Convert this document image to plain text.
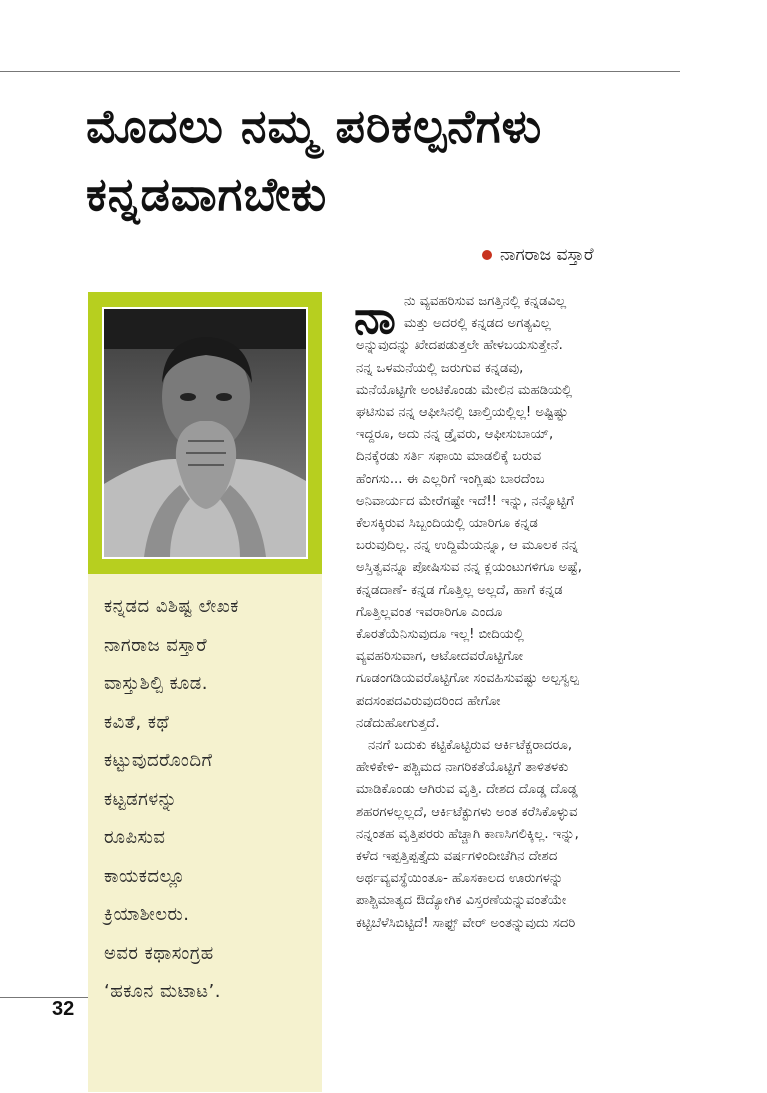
ಮೊದಲು ನಮ್ಮ ಪರಿಕಲ್ಪನೆಗಳು
ಕನ್ನಡವಾಗಬೇಕು
ನಾಗರಾಜ ವಸ್ತಾರೆ

ಕನ್ನಡದ ವಿಶಿಷ್ಟ ಲೇಖಕ
ನಾಗರಾಜ ವಸ್ತಾರೆ
ವಾಸ್ತುಶಿಲ್ಪಿ ಕೂಡ.
ಕವಿತೆ, ಕಥೆ
ಕಟ್ಟುವುದರೊಂದಿಗೆ
ಕಟ್ಟಡಗಳನ್ನು
ರೂಪಿಸುವ
ಕಾಯಕದಲ್ಲೂ
ಕ್ರಿಯಾಶೀಲರು.
ಅವರ ಕಥಾಸಂಗ್ರಹ
‘ಹಕೂನ ಮಟಾಟ’.

ನಾ ನು ವ್ಯವಹರಿಸುವ ಜಗತ್ತಿನಲ್ಲಿ ಕನ್ನಡವಿಲ್ಲ
ಮತ್ತು ಅದರಲ್ಲಿ ಕನ್ನಡದ ಅಗತ್ಯವಿಲ್ಲ
ಅನ್ನುವುದನ್ನು ಖೇದಪಡುತ್ತಲೇ ಹೇಳಬಯಸುತ್ತೇನೆ.
ನನ್ನ ಒಳಮನೆಯಲ್ಲಿ ಜರುಗುವ ಕನ್ನಡವು,
ಮನೆಯೊಟ್ಟಿಗೇ ಅಂಟಿಕೊಂಡು ಮೇಲಿನ ಮಹಡಿಯಲ್ಲಿ
ಘಟಿಸುವ ನನ್ನ ಆಫೀಸಿನಲ್ಲಿ ಚಾಲ್ತಿಯಲ್ಲಿಲ್ಲ! ಅಷ್ಟಿಷ್ಟು
ಇದ್ದರೂ, ಅದು ನನ್ನ ಡ್ರೈವರು, ಆಫೀಸುಬಾಯ್,
ದಿನಕ್ಕೆರಡು ಸರ್ತಿ ಸಫಾಯಿ ಮಾಡಲಿಕ್ಕೆ ಬರುವ
ಹೆಂಗಸು... ಈ ಎಲ್ಲರಿಗೆ ಇಂಗ್ಲಿಷು ಬಾರದೆಂಬ
ಅನಿವಾರ್ಯದ ಮೇರೆಗಷ್ಟೇ ಇದೆ!! ಇನ್ನು, ನನ್ನೊಟ್ಟಿಗೆ
ಕೆಲಸಕ್ಕಿರುವ ಸಿಬ್ಬಂದಿಯಲ್ಲಿ ಯಾರಿಗೂ ಕನ್ನಡ
ಬರುವುದಿಲ್ಲ. ನನ್ನ ಉದ್ದಿಮೆಯನ್ನೂ, ಆ ಮೂಲಕ ನನ್ನ
ಅಸ್ತಿತ್ವವನ್ನೂ ಪೋಷಿಸುವ ನನ್ನ ಕ್ಲಯಂಟುಗಳಿಗೂ ಅಷ್ಟೆ,
ಕನ್ನಡದಾಣೆ- ಕನ್ನಡ ಗೊತ್ತಿಲ್ಲ ಅಲ್ಲದೆ, ಹಾಗೆ ಕನ್ನಡ
ಗೊತ್ತಿಲ್ಲವಂತ ಇವರಾರಿಗೂ ಎಂದೂ
ಕೊರತೆಯೆನಿಸುವುದೂ ಇಲ್ಲ! ಬೀದಿಯಲ್ಲಿ
ವ್ಯವಹರಿಸುವಾಗ, ಆಟೋದವರೊಟ್ಟಿಗೋ
ಗೂಡಂಗಡಿಯವರೊಟ್ಟಿಗೋ ಸಂವಹಿಸುವಷ್ಟು ಅಲ್ಪಸ್ವಲ್ಪ
ಪದಸಂಪದವಿರುವುದರಿಂದ ಹೇಗೋ
ನಡೆದುಹೋಗುತ್ತದೆ.
ನನಗೆ ಬದುಕು ಕಟ್ಟಿಕೊಟ್ಟಿರುವ ಆರ್ಕಿಟೆಕ್ಚರಾದರೂ,
ಹೇಳಿಕೇಳಿ- ಪಶ್ಚಿಮದ ನಾಗರಿಕತೆಯೊಟ್ಟಿಗೆ ತಾಳಿತಳಕು
ಮಾಡಿಕೊಂಡು ಆಗಿರುವ ವೃತ್ತಿ. ದೇಶದ ದೊಡ್ಡ ದೊಡ್ಡ
ಶಹರಗಳಲ್ಲಲ್ಲದೆ, ಆರ್ಕಿಟೆಕ್ಟುಗಳು ಅಂತ ಕರೆಸಿಕೊಳ್ಳುವ
ನನ್ನಂತಹ ವೃತ್ತಿಪರರು ಹೆಚ್ಚಾಗಿ ಕಾಣಸಿಗಲಿಕ್ಕಿಲ್ಲ. ಇನ್ನು,
ಕಳೆದ ಇಪ್ಪತ್ತಿಪ್ಪತ್ತೈದು ವರ್ಷಗಳಿಂದೀಚೆಗಿನ ದೇಶದ
ಅರ್ಥವ್ಯವಸ್ಥೆಯಿಂತೂ- ಹೊಸಕಾಲದ ಊರುಗಳನ್ನು
ಪಾಶ್ಚಿಮಾತ್ಯದ ಔದ್ಯೋಗಿಕ ವಿಸ್ತರಣೆಯನ್ನುವಂತೆಯೇ
ಕಟ್ಟಿಬೆಳೆಸಿಬಿಟ್ಟಿದೆ! ಸಾಫ್ಟ್ ವೇರ್ ಅಂತನ್ನುವುದು ಸದರಿ
32
